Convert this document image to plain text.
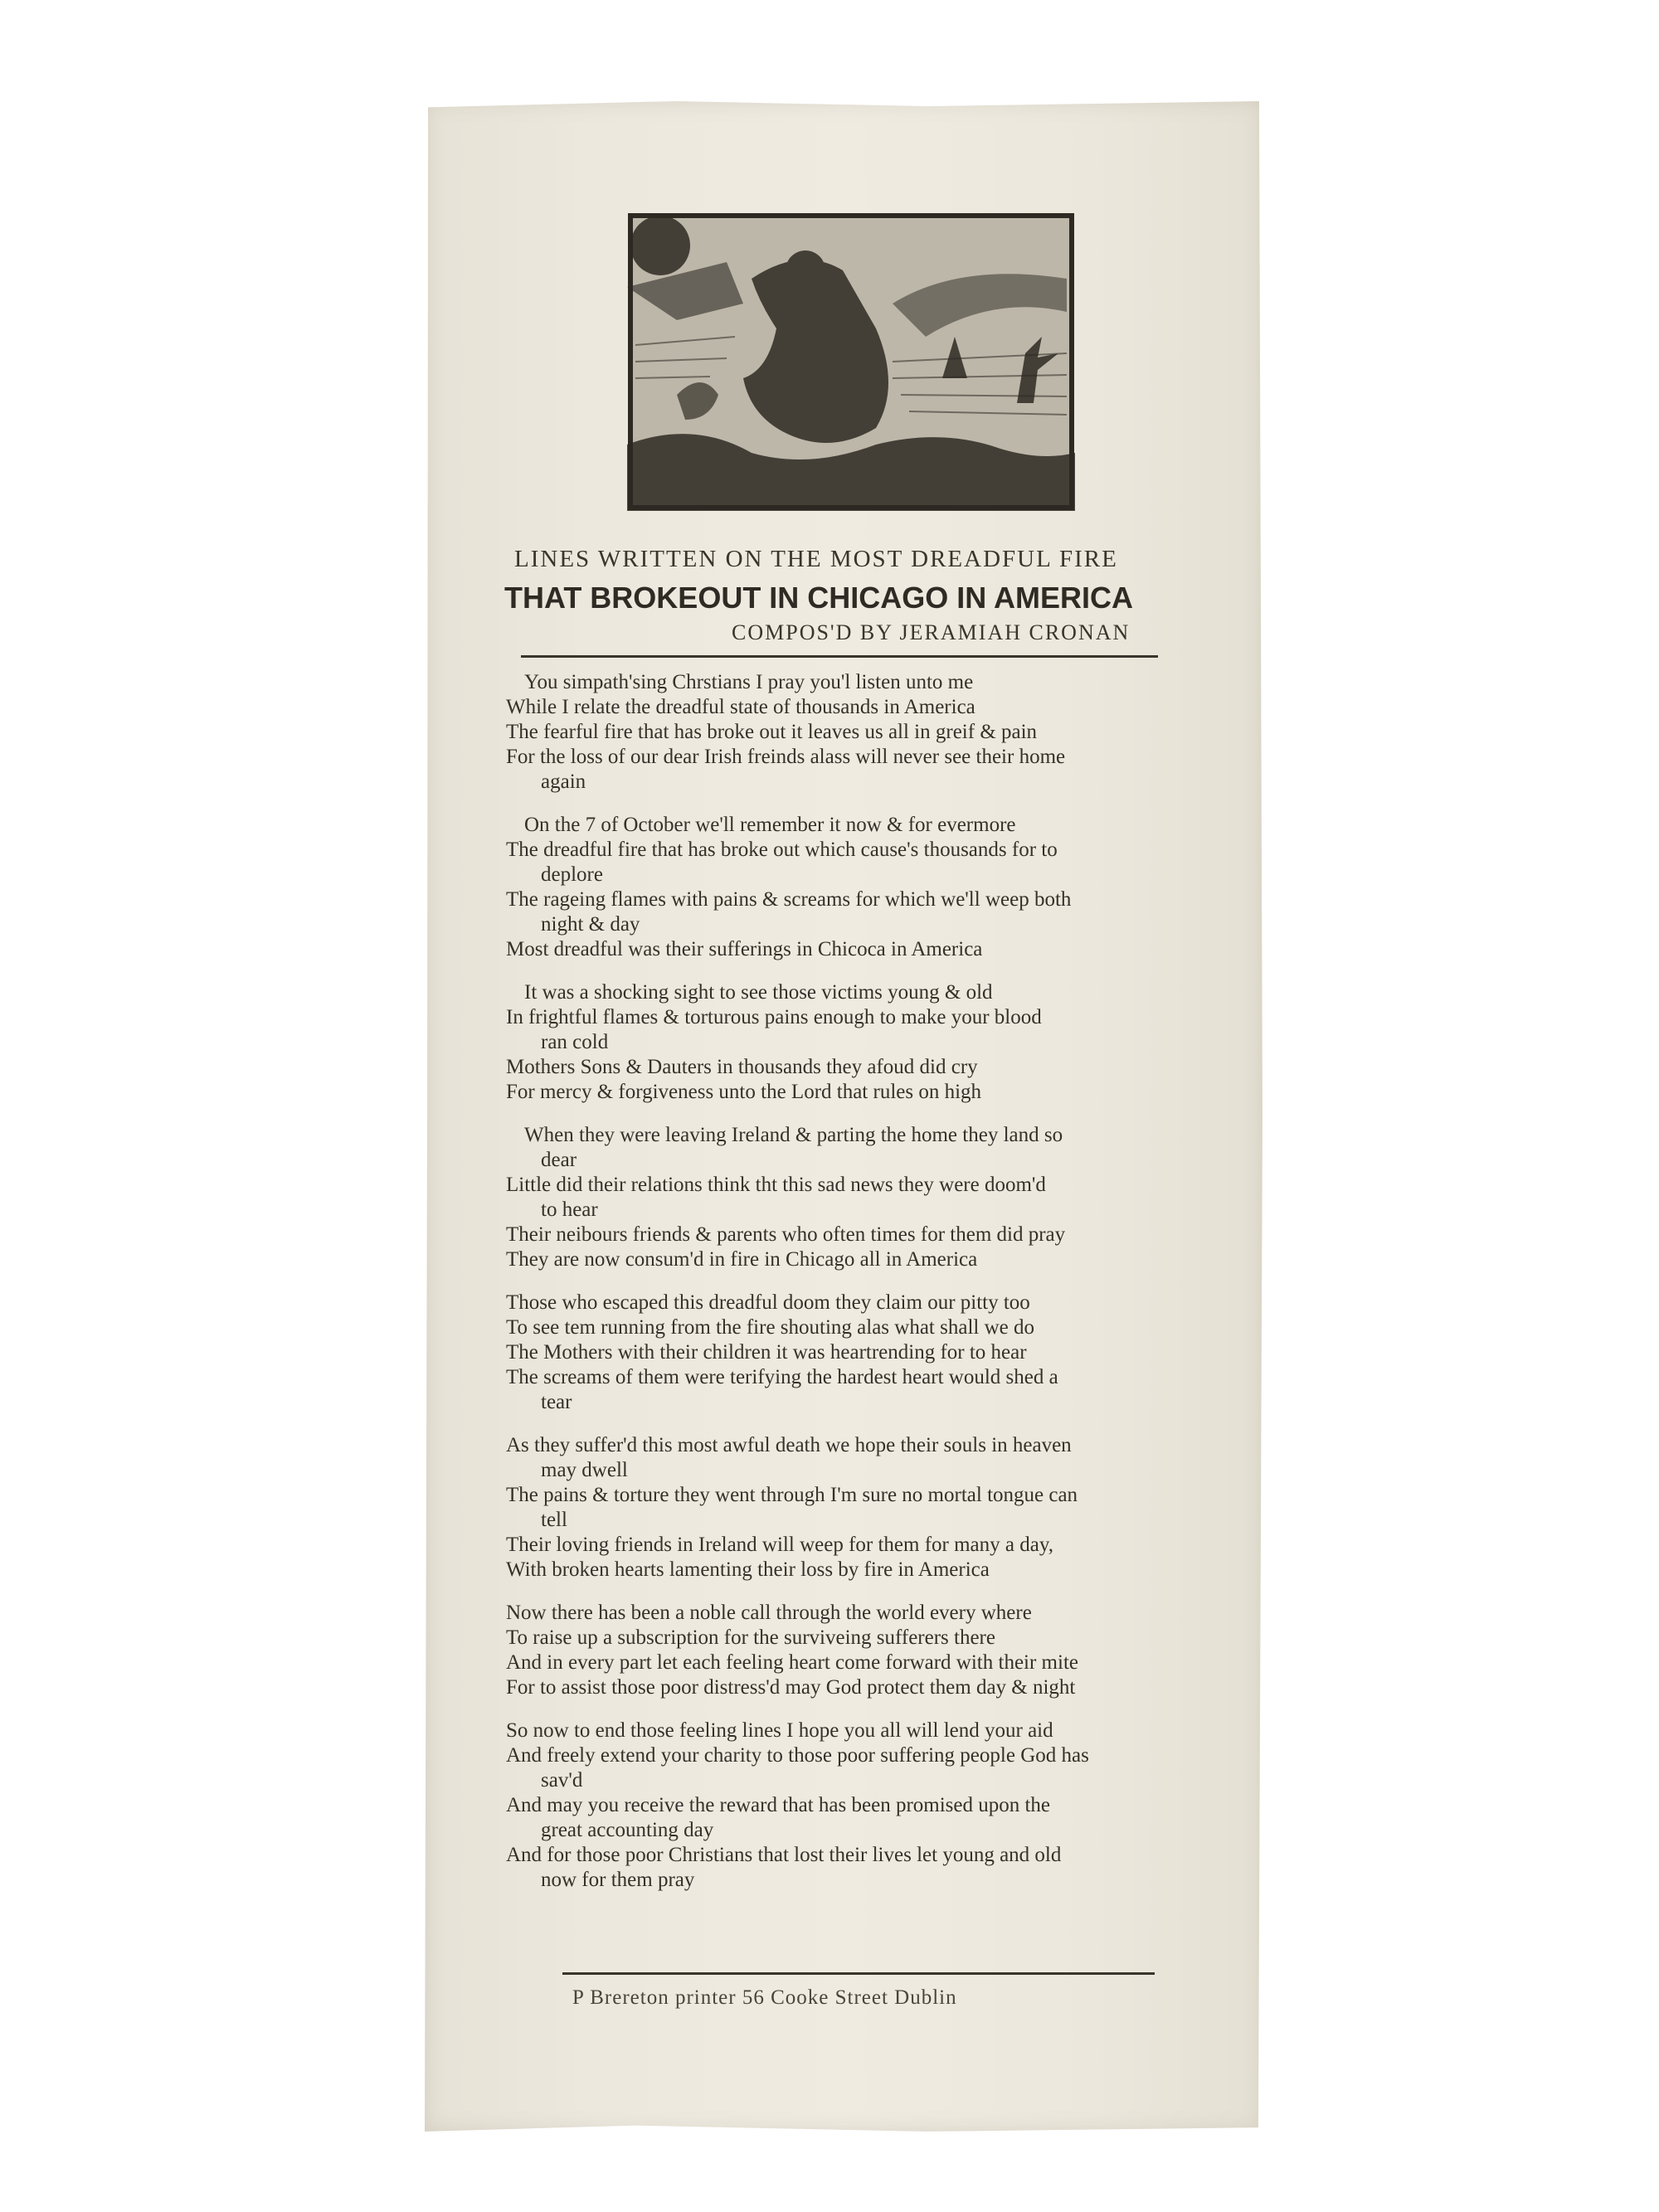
LINES WRITTEN ON THE MOST DREADFUL FIRE
THAT BROKEOUT IN CHICAGO IN AMERICA
COMPOS'D BY JERAMIAH CRONAN
You simpath'sing Chrstians I pray you'l listen unto me
While I relate the dreadful state of thousands in America
The fearful fire that has broke out it leaves us all in greif & pain
For the loss of our dear Irish freinds alass will never see their home
again
On the 7 of October we'll remember it now & for evermore
The dreadful fire that has broke out which cause's thousands for to
deplore
The rageing flames with pains & screams for which we'll weep both
night & day
Most dreadful was their sufferings in Chicoca in America
It was a shocking sight to see those victims young & old
In frightful flames & torturous pains enough to make your blood
ran cold
Mothers Sons & Dauters in thousands they afoud did cry
For mercy & forgiveness unto the Lord that rules on high
When they were leaving Ireland & parting the home they land so
dear
Little did their relations think tht this sad news they were doom'd
to hear
Their neibours friends & parents who often times for them did pray
They are now consum'd in fire in Chicago all in America
Those who escaped this dreadful doom they claim our pitty too
To see tem running from the fire shouting alas what shall we do
The Mothers with their children it was heartrending for to hear
The screams of them were terifying the hardest heart would shed a
tear
As they suffer'd this most awful death we hope their souls in heaven
may dwell
The pains & torture they went through I'm sure no mortal tongue can
tell
Their loving friends in Ireland will weep for them for many a day,
With broken hearts lamenting their loss by fire in America
Now there has been a noble call through the world every where
To raise up a subscription for the surviveing sufferers there
And in every part let each feeling heart come forward with their mite
For to assist those poor distress'd may God protect them day & night
So now to end those feeling lines I hope you all will lend your aid
And freely extend your charity to those poor suffering people God has
sav'd
And may you receive the reward that has been promised upon the
great accounting day
And for those poor Christians that lost their lives let young and old
now for them pray
P Brereton printer 56 Cooke Street Dublin
